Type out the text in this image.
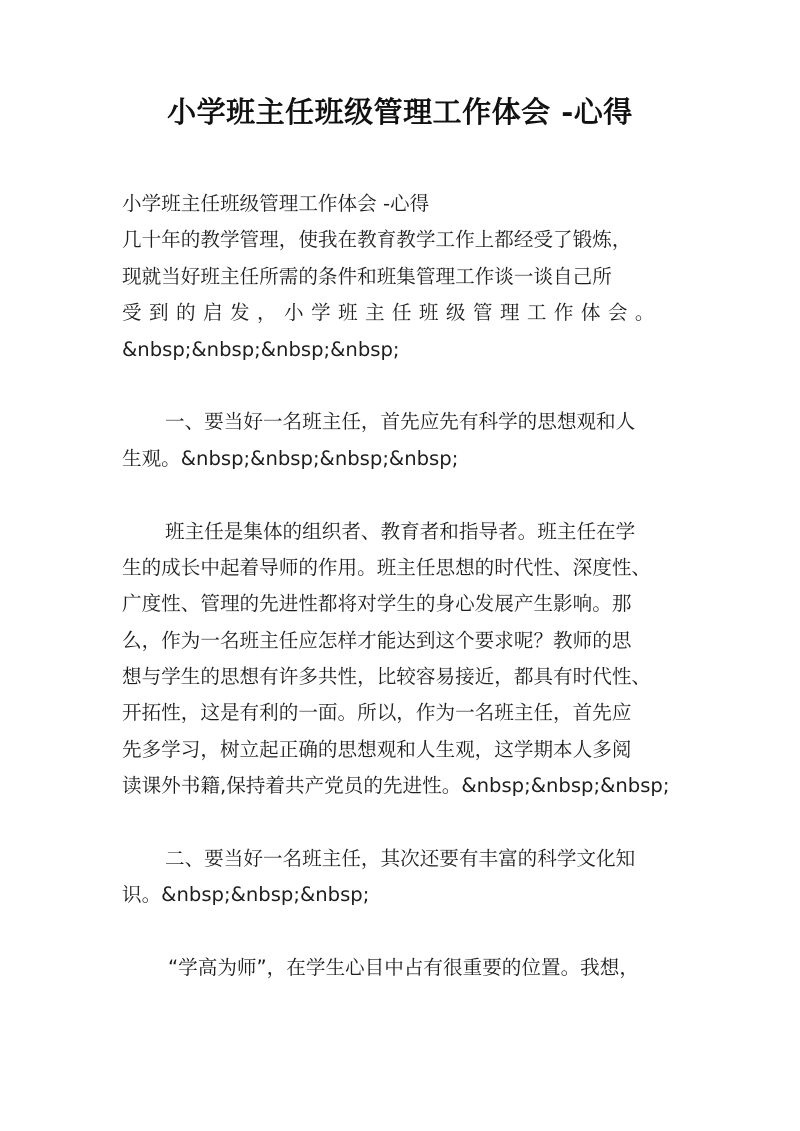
小学班主任班级管理工作体会 -心得
小学班主任班级管理工作体会 -心得
几十年的教学管理，使我在教育教学工作上都经受了锻炼，
现就当好班主任所需的条件和班集管理工作谈一谈自己所
受到的启发，小学班主任班级管理工作体会。
&nbsp;&nbsp;&nbsp;&nbsp;
一、要当好一名班主任，首先应先有科学的思想观和人
生观。&nbsp;&nbsp;&nbsp;&nbsp;
班主任是集体的组织者、教育者和指导者。班主任在学
生的成长中起着导师的作用。班主任思想的时代性、深度性、
广度性、管理的先进性都将对学生的身心发展产生影响。那
么，作为一名班主任应怎样才能达到这个要求呢？教师的思
想与学生的思想有许多共性，比较容易接近，都具有时代性、
开拓性，这是有利的一面。所以，作为一名班主任，首先应
先多学习，树立起正确的思想观和人生观，这学期本人多阅
读课外书籍,保持着共产党员的先进性。&nbsp;&nbsp;&nbsp;
二、要当好一名班主任，其次还要有丰富的科学文化知
识。&nbsp;&nbsp;&nbsp;
“学高为师”，在学生心目中占有很重要的位置。我想，
